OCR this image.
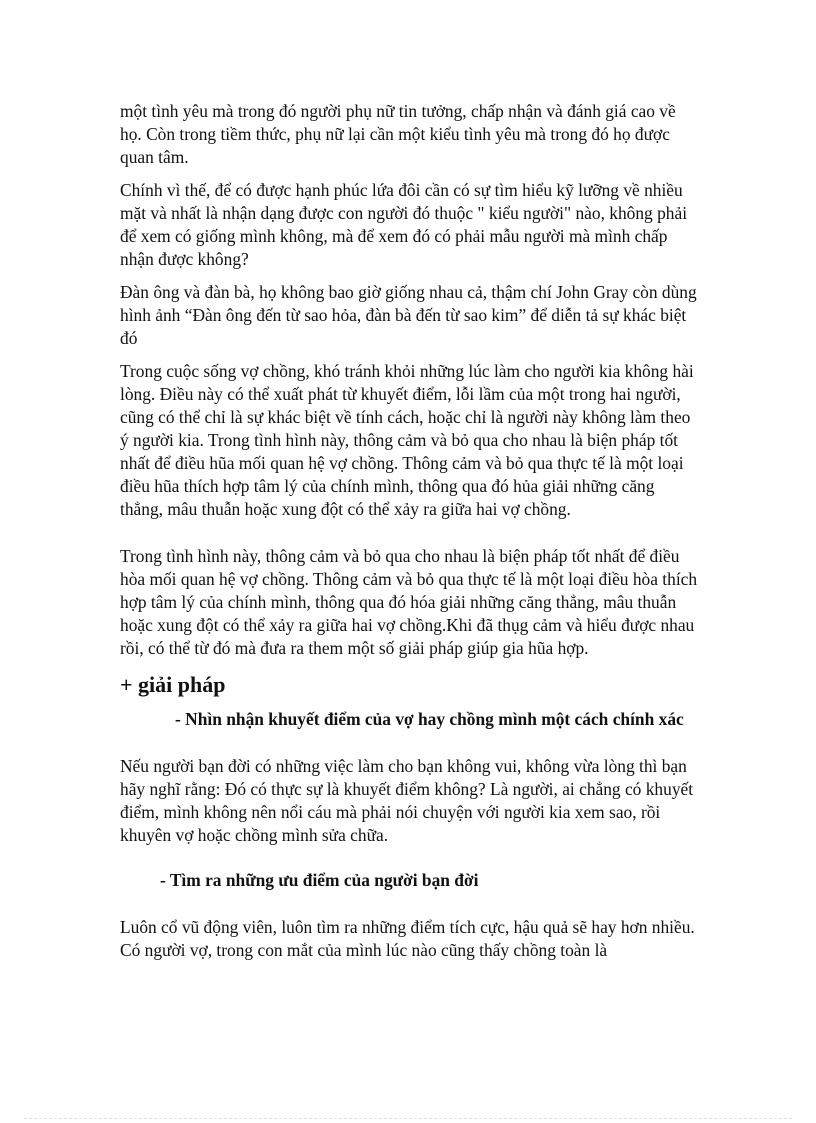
một tình yêu mà trong đó người phụ nữ tin tưởng, chấp nhận và đánh giá cao về họ. Còn trong tiềm thức, phụ nữ lại cần một kiểu tình yêu mà trong đó họ được quan tâm.

Chính vì thế, để có được hạnh phúc lứa đôi cần có sự tìm hiểu kỹ lưỡng về nhiều mặt và nhất là nhận dạng được con người đó thuộc " kiểu người" nào, không phải để xem có giống mình không, mà để xem đó có phải mẫu người mà mình chấp nhận được không?

Đàn ông và đàn bà, họ không bao giờ giống nhau cả, thậm chí John Gray còn dùng hình ảnh “Đàn ông đến từ sao hỏa, đàn bà đến từ sao kim” để diễn tả sự khác biệt đó

Trong cuộc sống vợ chồng, khó tránh khỏi những lúc làm cho người kia không hài lòng. Điều này có thể xuất phát từ khuyết điểm, lỗi lầm của một trong hai người, cũng có thể chỉ là sự khác biệt về tính cách, hoặc chỉ là người này không làm theo ý người kia. Trong tình hình này, thông cảm và bỏ qua cho nhau là biện pháp tốt nhất để điều hũa mối quan hệ vợ chồng. Thông cảm và bỏ qua thực tế là một loại điều hũa thích hợp tâm lý của chính mình, thông qua đó hủa giải những căng thẳng, mâu thuẫn hoặc xung đột có thể xảy ra giữa hai vợ chồng.

Trong tình hình này, thông cảm và bỏ qua cho nhau là biện pháp tốt nhất để điều hòa mối quan hệ vợ chồng. Thông cảm và bỏ qua thực tế là một loại điều hòa thích hợp tâm lý của chính mình, thông qua đó hóa giải những căng thẳng, mâu thuẫn hoặc xung đột có thể xảy ra giữa hai vợ chồng.Khi đã thụg cảm và hiểu được nhau rồi, có thể từ đó mà đưa ra them một số giải pháp giúp gia hũa hợp.

+ giải pháp

- Nhìn nhận khuyết điểm của vợ hay chồng mình một cách chính xác

Nếu người bạn đời có những việc làm cho bạn không vui, không vừa lòng thì bạn hãy nghĩ rằng: Đó có thực sự là khuyết điểm không? Là người, ai chẳng có khuyết điểm, mình không nên nổi cáu mà phải nói chuyện với người kia xem sao, rồi khuyên vợ hoặc chồng mình sửa chữa.

- Tìm ra những ưu điểm của người bạn đời

Luôn cổ vũ động viên, luôn tìm ra những điểm tích cực, hậu quả sẽ hay hơn nhiều. Có người vợ, trong con mắt của mình lúc nào cũng thấy chồng toàn là
